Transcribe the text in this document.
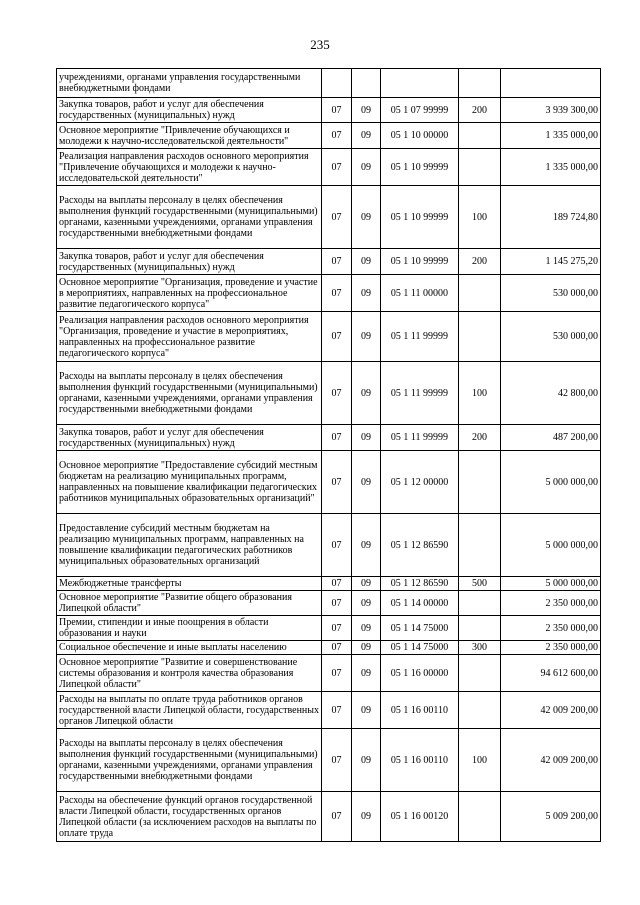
235
учреждениями, органами управления государственными внебюджетными фондами					
Закупка товаров, работ и услуг для обеспечения государственных (муниципальных) нужд	07	09	05 1 07 99999	200	3 939 300,00
Основное мероприятие "Привлечение обучающихся и молодежи к научно-исследовательской деятельности"	07	09	05 1 10 00000		1 335 000,00
Реализация направления расходов основного мероприятия "Привлечение обучающихся и молодежи к научно-исследовательской деятельности"	07	09	05 1 10 99999		1 335 000,00
Расходы на выплаты персоналу в целях обеспечения выполнения функций государственными (муниципальными) органами, казенными учреждениями, органами управления государственными внебюджетными фондами	07	09	05 1 10 99999	100	189 724,80
Закупка товаров, работ и услуг для обеспечения государственных (муниципальных) нужд	07	09	05 1 10 99999	200	1 145 275,20
Основное мероприятие "Организация, проведение и участие в мероприятиях, направленных на профессиональное развитие педагогического корпуса"	07	09	05 1 11 00000		530 000,00
Реализация направления расходов основного мероприятия "Организация, проведение и участие в мероприятиях, направленных на профессиональное развитие педагогического корпуса"	07	09	05 1 11 99999		530 000,00
Расходы на выплаты персоналу в целях обеспечения выполнения функций государственными (муниципальными) органами, казенными учреждениями, органами управления государственными внебюджетными фондами	07	09	05 1 11 99999	100	42 800,00
Закупка товаров, работ и услуг для обеспечения государственных (муниципальных) нужд	07	09	05 1 11 99999	200	487 200,00
Основное мероприятие "Предоставление субсидий местным бюджетам на реализацию муниципальных программ, направленных на повышение квалификации педагогических работников муниципальных образовательных организаций"	07	09	05 1 12 00000		5 000 000,00
Предоставление субсидий местным бюджетам на реализацию муниципальных программ, направленных на повышение квалификации педагогических работников муниципальных образовательных организаций	07	09	05 1 12 86590		5 000 000,00
Межбюджетные трансферты	07	09	05 1 12 86590	500	5 000 000,00
Основное мероприятие "Развитие общего образования Липецкой области"	07	09	05 1 14 00000		2 350 000,00
Премии, стипендии и иные поощрения в области образования и науки	07	09	05 1 14 75000		2 350 000,00
Социальное обеспечение и иные выплаты населению	07	09	05 1 14 75000	300	2 350 000,00
Основное мероприятие "Развитие и совершенствование системы образования и контроля качества образования Липецкой области"	07	09	05 1 16 00000		94 612 600,00
Расходы на выплаты по оплате труда работников органов государственной власти Липецкой области, государственных органов Липецкой области	07	09	05 1 16 00110		42 009 200,00
Расходы на выплаты персоналу в целях обеспечения выполнения функций государственными (муниципальными) органами, казенными учреждениями, органами управления государственными внебюджетными фондами	07	09	05 1 16 00110	100	42 009 200,00
Расходы на обеспечение функций органов государственной власти Липецкой области, государственных органов Липецкой области (за исключением расходов на выплаты по оплате труда	07	09	05 1 16 00120		5 009 200,00
